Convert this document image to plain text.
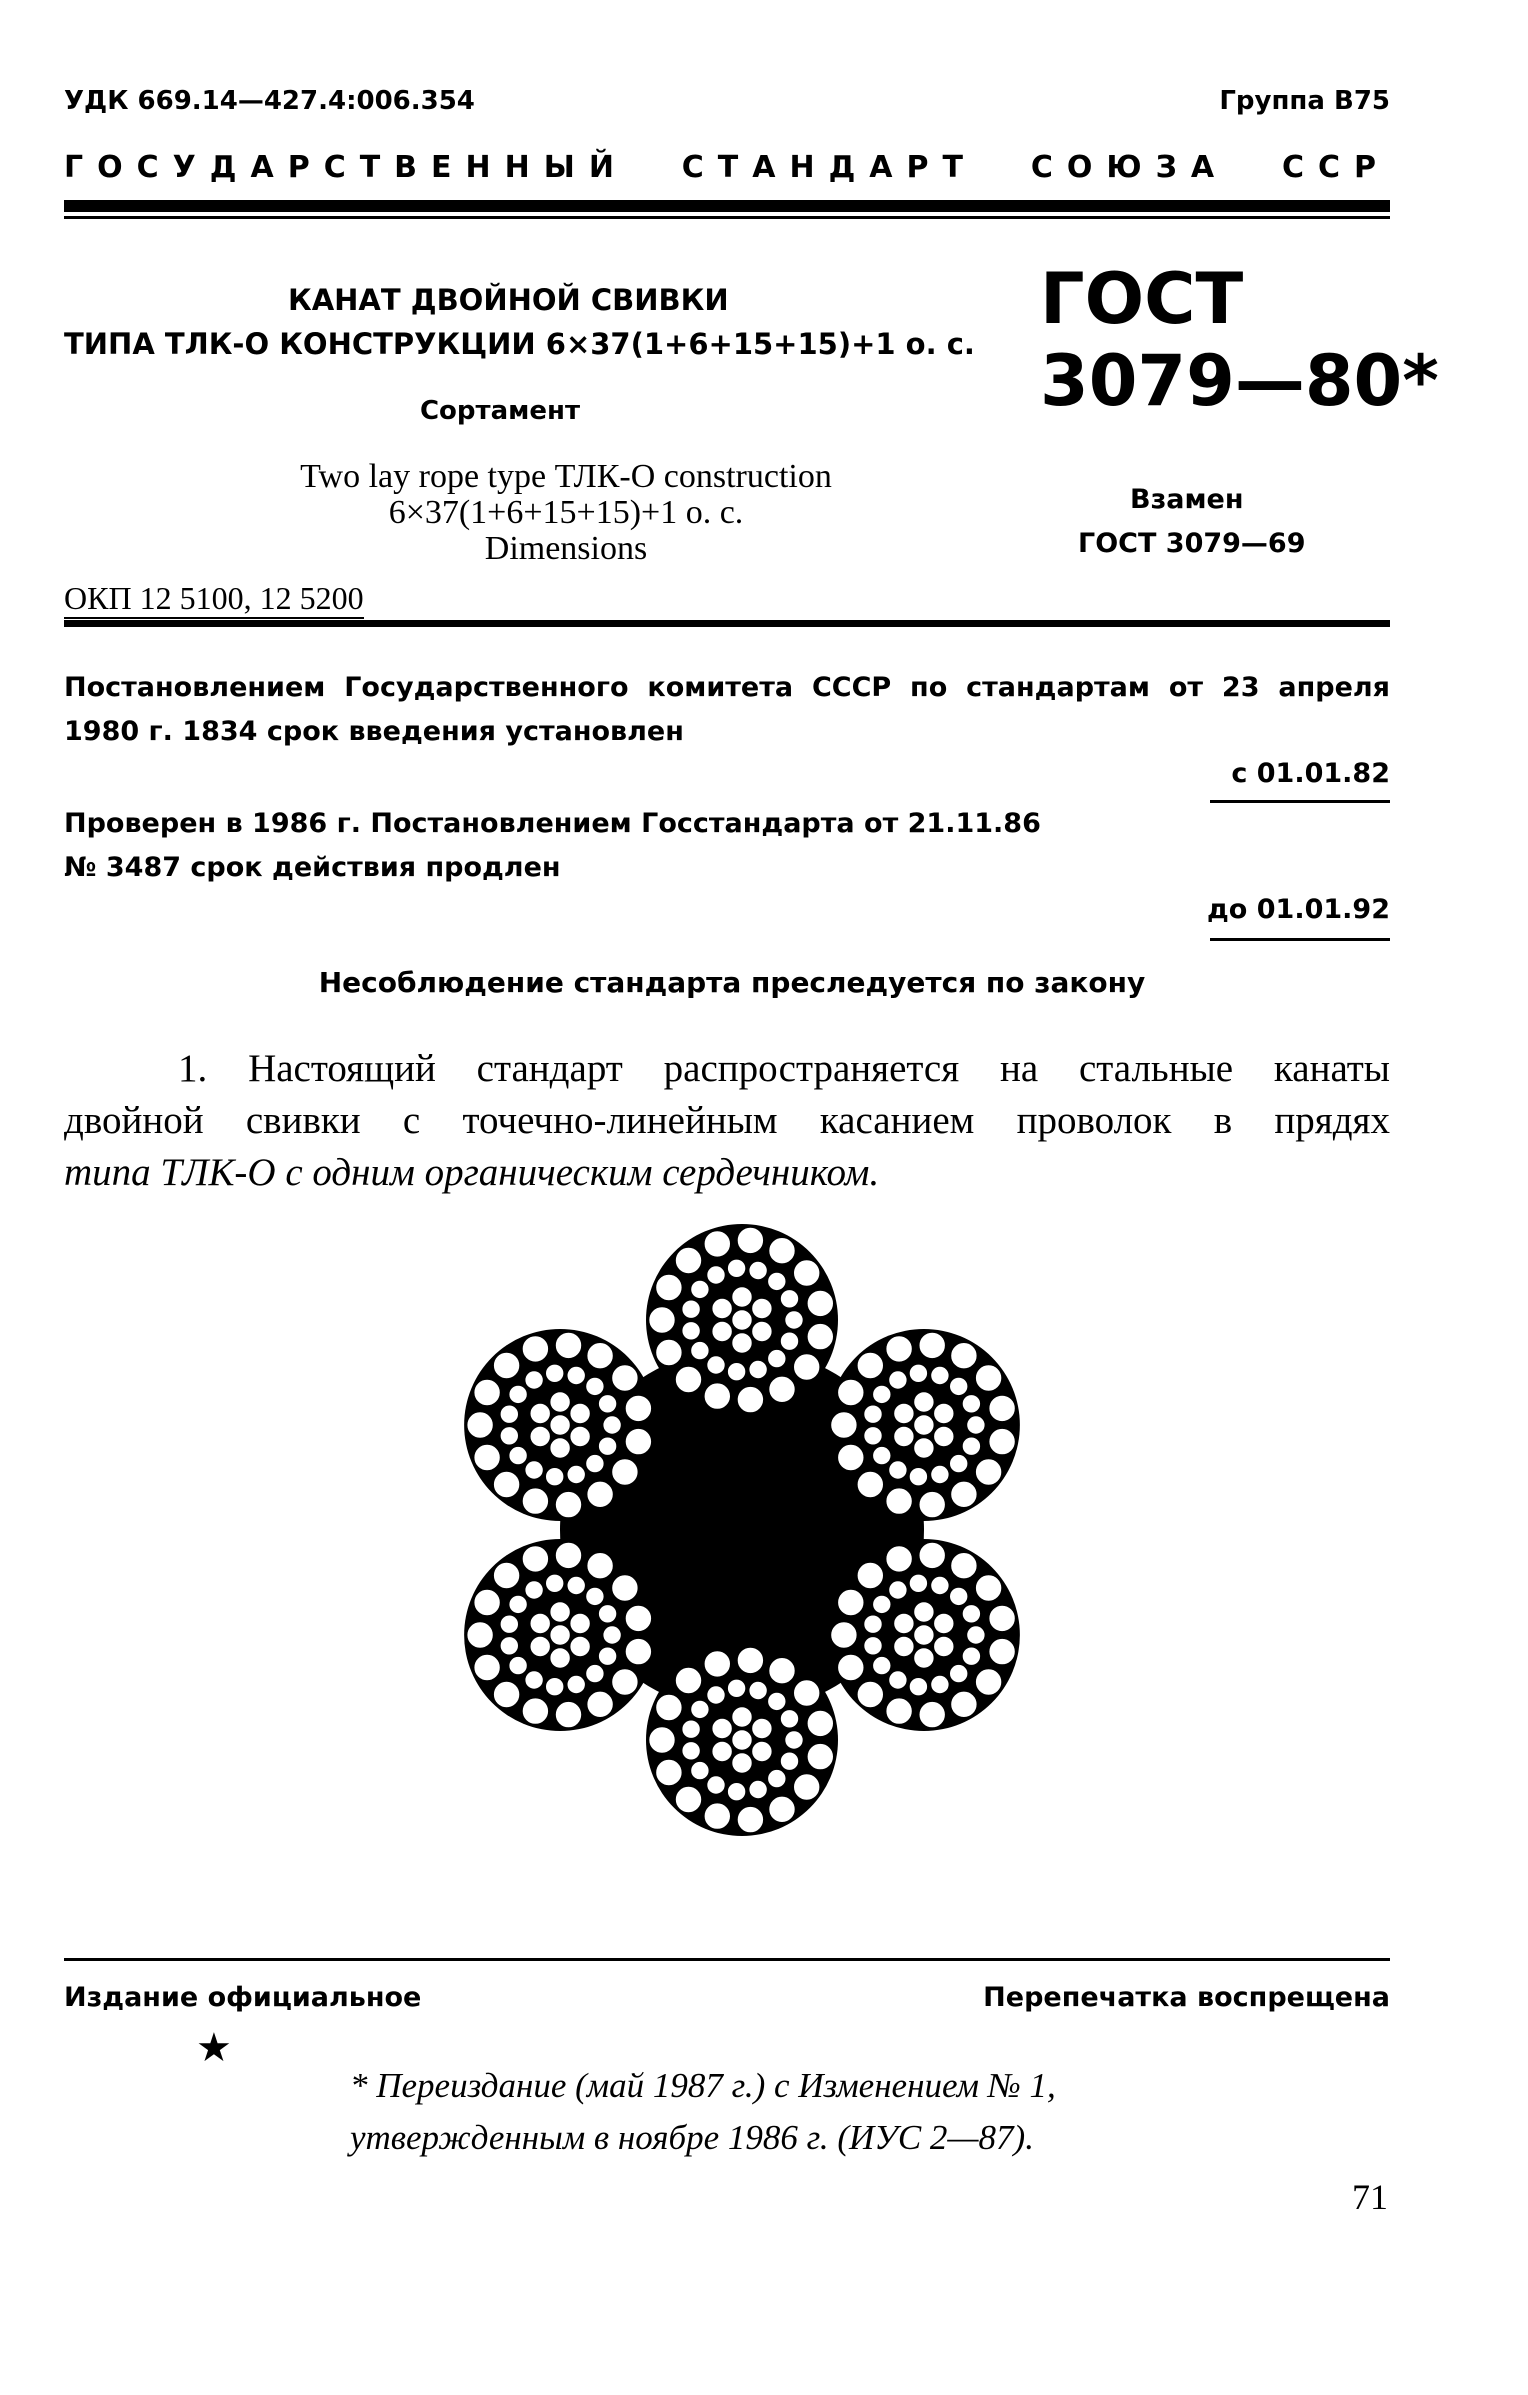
УДК 669.14—427.4:006.354	Группа В75
ГОСУДАРСТВЕННЫЙ СТАНДАРТ СОЮЗА ССР
КАНАТ ДВОЙНОЙ СВИВКИ
ТИПА ТЛК-О КОНСТРУКЦИИ 6×37(1+6+15+15)+1 о. с.
Сортамент
Two lay rope type ТЛК-О construction
6×37(1+6+15+15)+1 о. с.
Dimensions
ОКП 12 5100, 12 5200
ГОСТ
3079—80*
Взамен
ГОСТ 3079—69
Постановлением Государственного комитета СССР по стандартам от 23 апреля
1980 г. 1834 срок введения установлен
с 01.01.82
Проверен в 1986 г. Постановлением Госстандарта от 21.11.86
№ 3487 срок действия продлен
до 01.01.92
Несоблюдение стандарта преследуется по закону
1. Настоящий стандарт распространяется на стальные канаты
двойной свивки с точечно-линейным касанием проволок в прядях
типа ТЛК-О с одним органическим сердечником.
Издание официальное	Перепечатка воспрещена
★
* Переиздание (май 1987 г.) с Изменением № 1,
утвержденным в ноябре 1986 г. (ИУС 2—87).
71
